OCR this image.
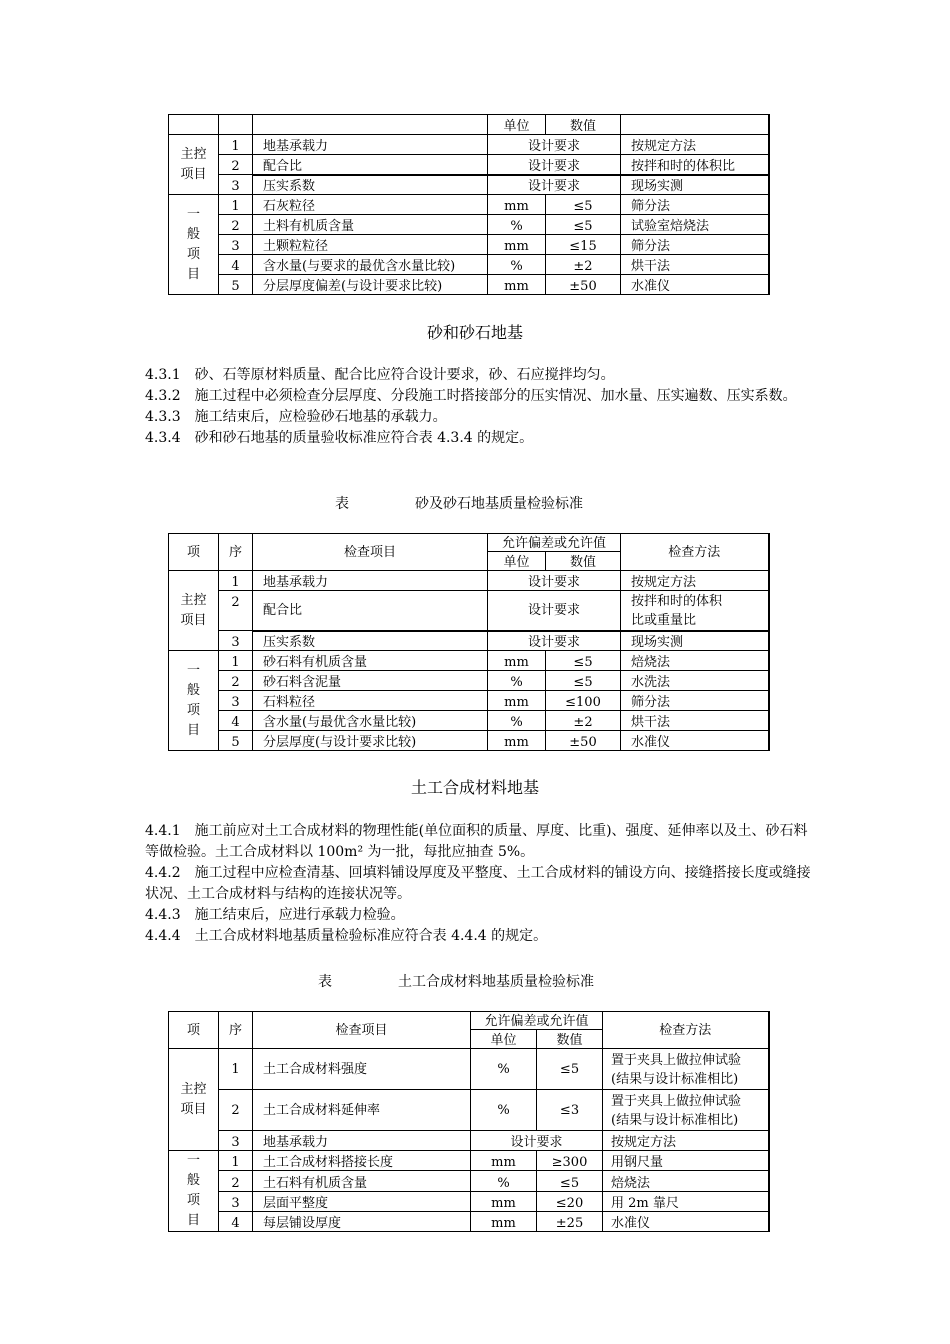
			单位	数值	

主控项目	1	地基承载力	设计要求		按规定方法
	2	配合比	设计要求		按拌和时的体积比
	3	压实系数	设计要求		现场实测

一般项目	1	石灰粒径	mm	≤5	筛分法
	2	土料有机质含量	%	≤5	试验室焙烧法
	3	土颗粒粒径	mm	≤15	筛分法
	4	含水量(与要求的最优含水量比较)	%	±2	烘干法
	5	分层厚度偏差(与设计要求比较)	mm	±50	水准仪
砂和砂石地基

4.3.1 砂、石等原材料质量、配合比应符合设计要求，砂、石应搅拌均匀。

4.3.2 施工过程中必须检查分层厚度、分段施工时搭接部分的压实情况、加水量、压实遍数、压实系数。

4.3.3 施工结束后，应检验砂石地基的承载力。

4.3.4 砂和砂石地基的质量验收标准应符合表 4.3.4 的规定。

表	砂及砂石地基质量检验标准
项	序	检查项目	允许偏差或允许值		检查方法
			单位	数值	

主控项目	1	地基承载力	设计要求		按规定方法
	2	配合比	设计要求		按拌和时的体积
比或重量比

	3	压实系数	设计要求		现场实测

一般项目	1	砂石料有机质含量	mm	≤5	焙烧法
	2	砂石料含泥量	%	≤5	水洗法
	3	石料粒径	mm	≤100	筛分法
	4	含水量(与最优含水量比较)	%	±2	烘干法
	5	分层厚度(与设计要求比较)	mm	±50	水准仪
土工合成材料地基

4.4.1 施工前应对土工合成材料的物理性能(单位面积的质量、厚度、比重)、强度、延伸率以及土、砂石料等做检验。土工合成材料以 100m² 为一批，每批应抽查 5%。

4.4.2 施工过程中应检查清基、回填料铺设厚度及平整度、土工合成材料的铺设方向、接缝搭接长度或缝接状况、土工合成材料与结构的连接状况等。

4.4.3 施工结束后，应进行承载力检验。

4.4.4 土工合成材料地基质量检验标准应符合表 4.4.4 的规定。

表	土工合成材料地基质量检验标准
项	序	检查项目	允许偏差或允许值		检查方法
			单位	数值	

主控项目	1	土工合成材料强度	%	≤5	置于夹具上做拉伸试验
(结果与设计标准相比)

	2	土工合成材料延伸率	%	≤3	置于夹具上做拉伸试验
(结果与设计标准相比)

	3	地基承载力	设计要求		按规定方法

一般项目	1	土工合成材料搭接长度	mm	≥300	用钢尺量
	2	土石料有机质含量	%	≤5	焙烧法
	3	层面平整度	mm	≤20	用 2m 靠尺
	4	每层铺设厚度	mm	±25	水准仪
